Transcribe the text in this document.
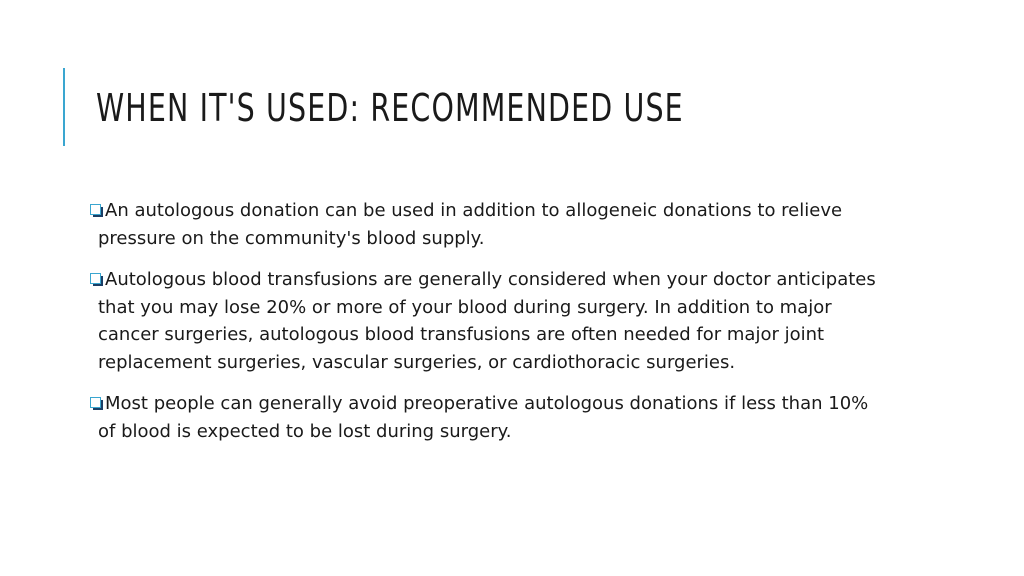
WHEN IT'S USED: RECOMMENDED USE
An autologous donation can be used in addition to allogeneic donations to relieve pressure on the community's blood supply.
Autologous blood transfusions are generally considered when your doctor anticipates that you may lose 20% or more of your blood during surgery. In addition to major cancer surgeries, autologous blood transfusions are often needed for major joint replacement surgeries, vascular surgeries, or cardiothoracic surgeries.
Most people can generally avoid preoperative autologous donations if less than 10% of blood is expected to be lost during surgery.
